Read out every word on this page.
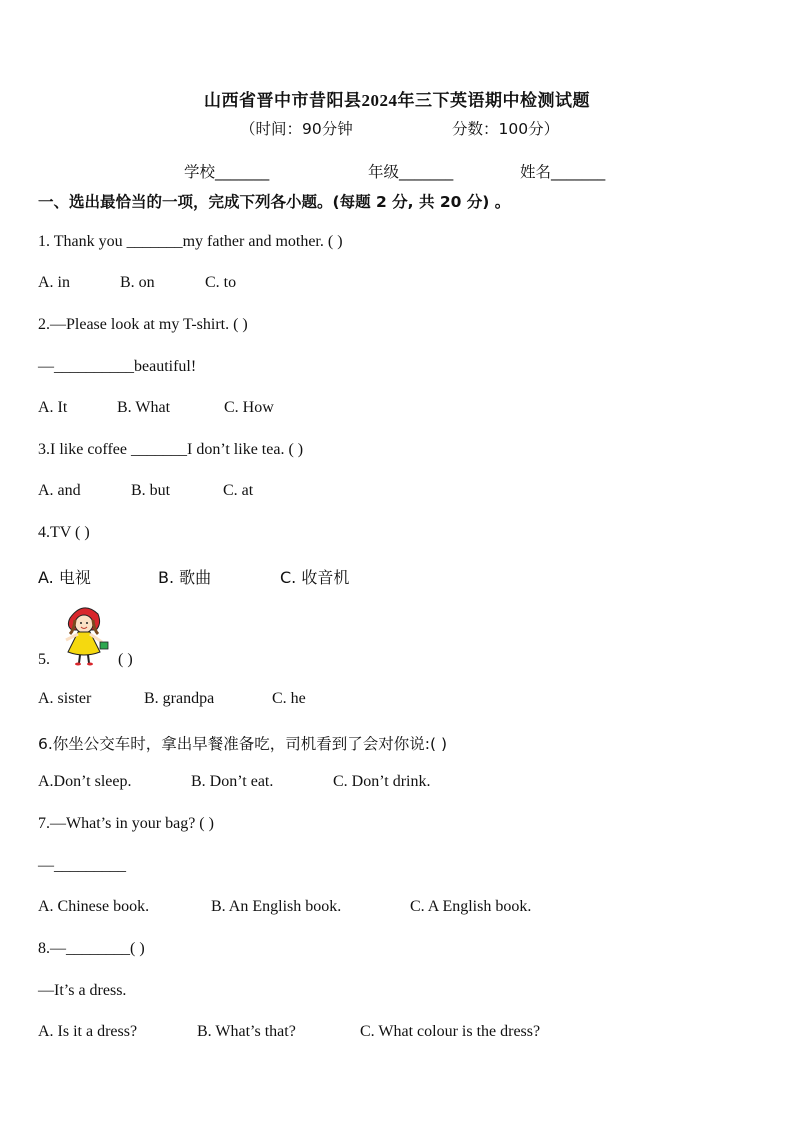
山西省晋中市昔阳县2024年三下英语期中检测试题
（时间：90分钟	分数：100分）
学校_______	年级_______	姓名_______
一、选出最恰当的一项，完成下列各小题。(每题 2 分, 共 20 分) 。
1. Thank you _______my father and mother. ( )
A. in	B. on	C. to
2.—Please look at my T-shirt. ( )
—__________beautiful!
A. It	B. What	C. How
3.I like coffee _______I don’t like tea. ( )
A. and	B. but	C. at
4.TV ( )
A. 电视	B. 歌曲	C. 收音机
5.	( )
A. sister	B. grandpa	C. he
6.你坐公交车时，拿出早餐准备吃，司机看到了会对你说:( )
A.Don’t sleep.	B. Don’t eat.	C. Don’t drink.
7.—What’s in your bag? ( )
—_________
A. Chinese book.	B. An English book.	C. A English book.
8.—________( )
—It’s a dress.
A. Is it a dress?	B. What’s that?	C. What colour is the dress?
